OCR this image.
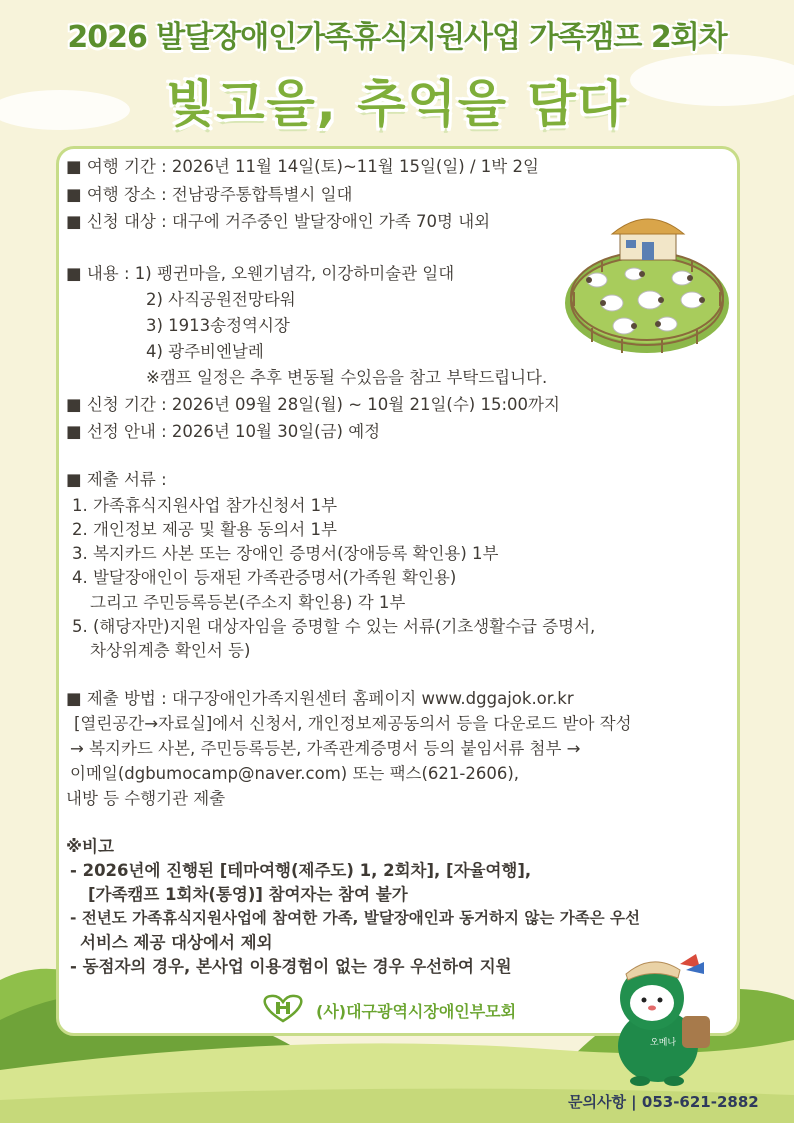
2026 발달장애인가족휴식지원사업 가족캠프 2회차
빛고을, 추억을 담다
■ 여행 기간 : 2026년 11월 14일(토)~11월 15일(일) / 1박 2일
■ 여행 장소 : 전남광주통합특별시 일대
■ 신청 대상 : 대구에 거주중인 발달장애인 가족 70명 내외
■ 내용 : 1) 펭귄마을, 오웬기념각, 이강하미술관 일대
2) 사직공원전망타워
3) 1913송정역시장
4) 광주비엔날레
※캠프 일정은 추후 변동될 수있음을 참고 부탁드립니다.
■ 신청 기간 : 2026년 09월 28일(월) ~ 10월 21일(수) 15:00까지
■ 선정 안내 : 2026년 10월 30일(금) 예정
■ 제출 서류 :
1. 가족휴식지원사업 참가신청서 1부
2. 개인정보 제공 및 활용 동의서 1부
3. 복지카드 사본 또는 장애인 증명서(장애등록 확인용) 1부
4. 발달장애인이 등재된 가족관증명서(가족원 확인용)
그리고 주민등록등본(주소지 확인용) 각 1부
5. (해당자만)지원 대상자임을 증명할 수 있는 서류(기초생활수급 증명서,
차상위계층 확인서 등)
■ 제출 방법 : 대구장애인가족지원센터 홈페이지 www.dggajok.or.kr
[열린공간→자료실]에서 신청서, 개인정보제공동의서 등을 다운로드 받아 작성
→ 복지카드 사본, 주민등록등본, 가족관계증명서 등의 붙임서류 첨부 →
이메일(dgbumocamp@naver.com) 또는 팩스(621-2606),
내방 등 수행기관 제출
※비고
- 2026년에 진행된 [테마여행(제주도) 1, 2회차], [자율여행],
[가족캠프 1회차(통영)] 참여자는 참여 불가
- 전년도 가족휴식지원사업에 참여한 가족, 발달장애인과 동거하지 않는 가족은 우선
서비스 제공 대상에서 제외
- 동점자의 경우, 본사업 이용경험이 없는 경우 우선하여 지원
(사)대구광역시장애인부모회
오메나
문의사항 | 053-621-2882
